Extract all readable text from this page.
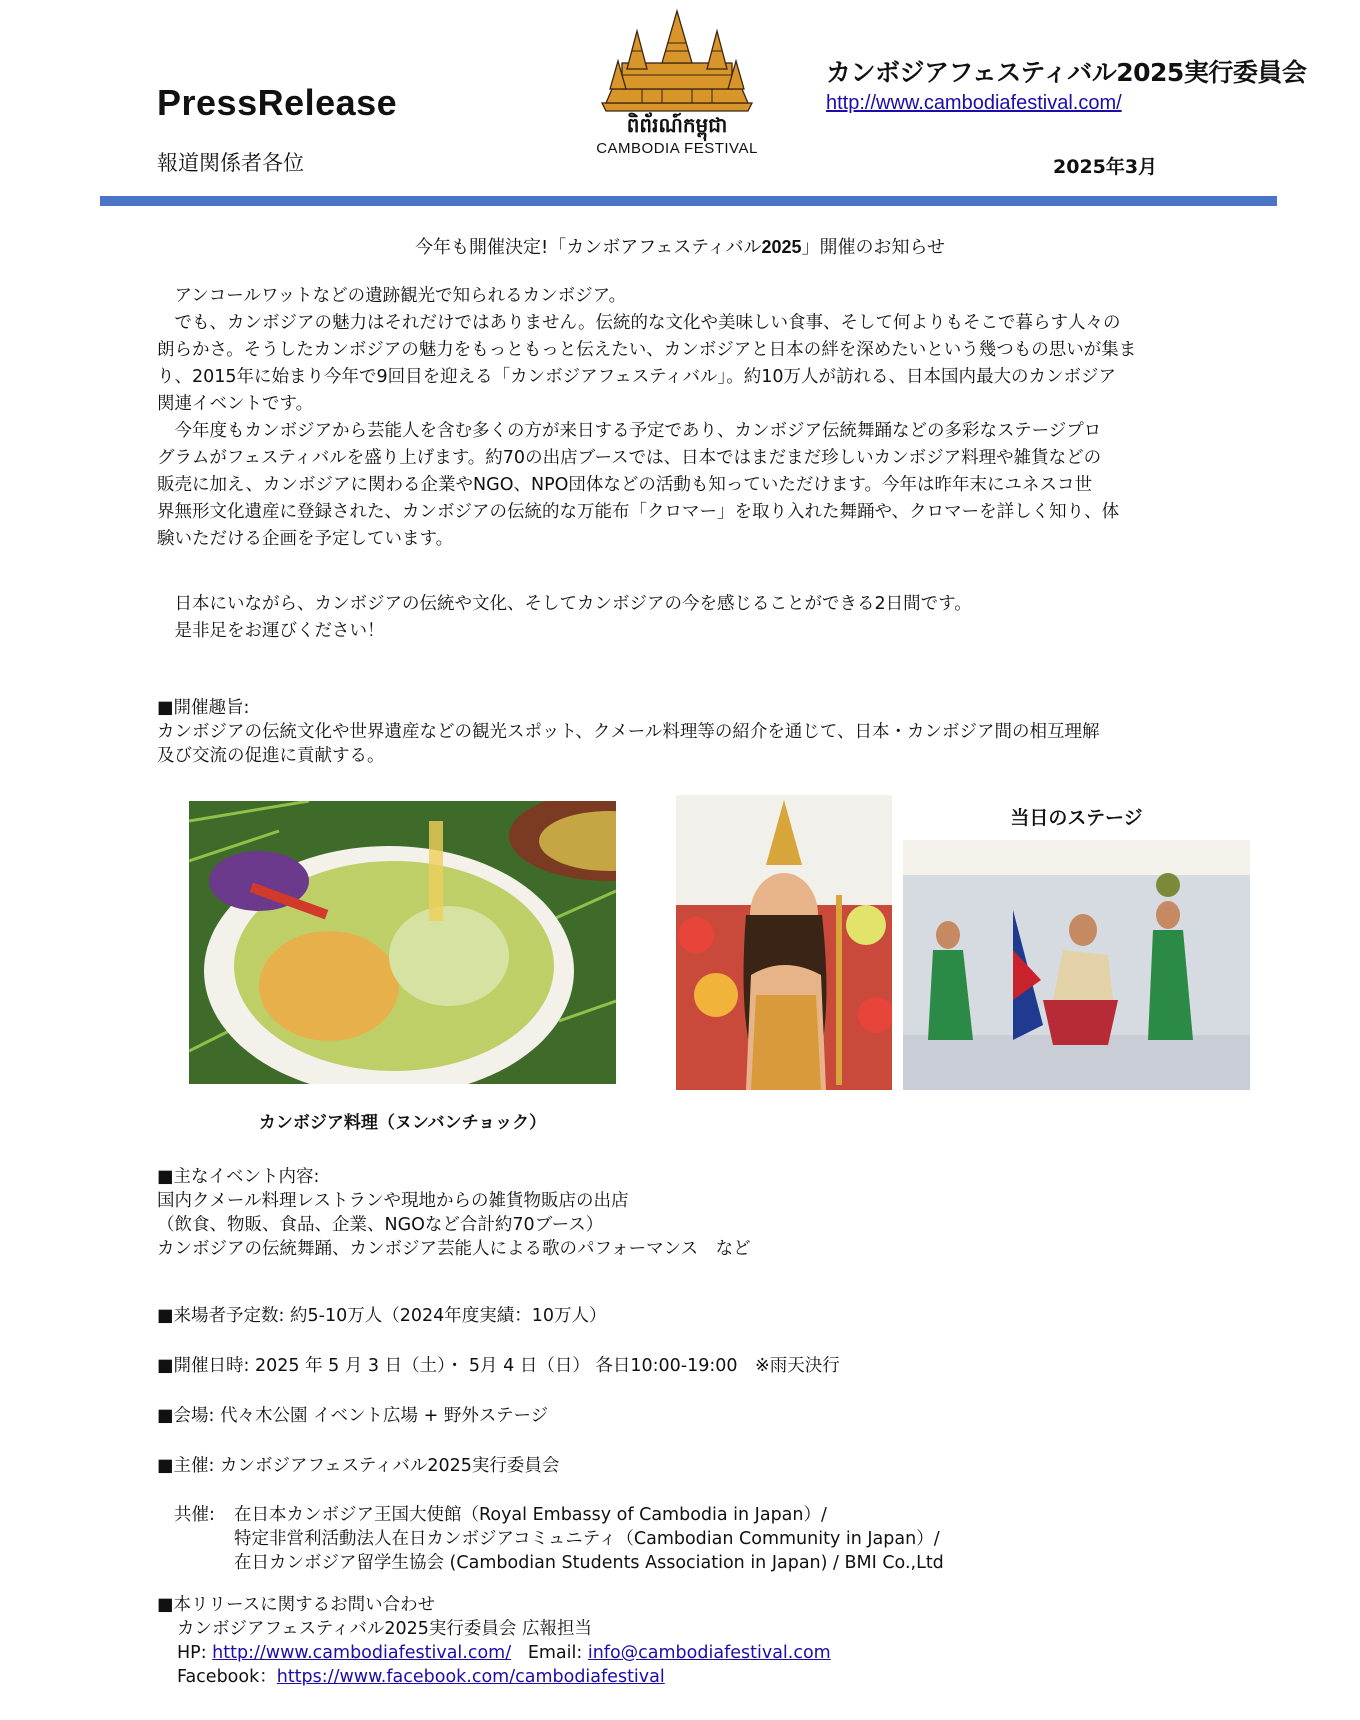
PressRelease
報道関係者各位
ពិព័រណ៍កម្ពុជា
CAMBODIA FESTIVAL
カンボジアフェスティバル2025実行委員会
http://www.cambodiafestival.com/
2025年3月
今年も開催決定!「カンボアフェスティバル2025」開催のお知らせ
　アンコールワットなどの遺跡観光で知られるカンボジア。
　でも、カンボジアの魅力はそれだけではありません。伝統的な文化や美味しい食事、そして何よりもそこで暮らす人々の
朗らかさ。そうしたカンボジアの魅力をもっともっと伝えたい、カンボジアと日本の絆を深めたいという幾つもの思いが集ま
り、2015年に始まり今年で9回目を迎える「カンボジアフェスティバル」。約10万人が訪れる、日本国内最大のカンボジア
関連イベントです。
　今年度もカンボジアから芸能人を含む多くの方が来日する予定であり、カンボジア伝統舞踊などの多彩なステージプロ
グラムがフェスティバルを盛り上げます。約70の出店ブースでは、日本ではまだまだ珍しいカンボジア料理や雑貨などの
販売に加え、カンボジアに関わる企業やNGO、NPO団体などの活動も知っていただけます。今年は昨年末にユネスコ世
界無形文化遺産に登録された、カンボジアの伝統的な万能布「クロマー」を取り入れた舞踊や、クロマーを詳しく知り、体
験いただける企画を予定しています。
　日本にいながら、カンボジアの伝統や文化、そしてカンボジアの今を感じることができる2日間です。
　是非足をお運びください！
■開催趣旨:
カンボジアの伝統文化や世界遺産などの観光スポット、クメール料理等の紹介を通じて、日本・カンボジア間の相互理解
及び交流の促進に貢献する。
カンボジア料理（ヌンバンチョック）
当日のステージ
■主なイベント内容:
国内クメール料理レストランや現地からの雑貨物販店の出店
（飲食、物販、食品、企業、NGOなど合計約70ブース）
カンボジアの伝統舞踊、カンボジア芸能人による歌のパフォーマンス　など
■来場者予定数: 約5-10万人（2024年度実績：10万人）
■開催日時: 2025 年 5 月 3 日（土）・ 5月 4 日（日） 各日10:00-19:00　※雨天決行
■会場: 代々木公園 イベント広場 + 野外ステージ
■主催: カンボジアフェスティバル2025実行委員会
共催:	在日本カンボジア王国大使館（Royal Embassy of Cambodia in Japan）/
特定非営利活動法人在日カンボジアコミュニティ（Cambodian Community in Japan）/
在日カンボジア留学生協会 (Cambodian Students Association in Japan) / BMI Co.,Ltd
■本リリースに関するお問い合わせ
カンボジアフェスティバル2025実行委員会 広報担当
HP: http://www.cambodiafestival.com/ Email: info@cambodiafestival.com
Facebook：https://www.facebook.com/cambodiafestival
